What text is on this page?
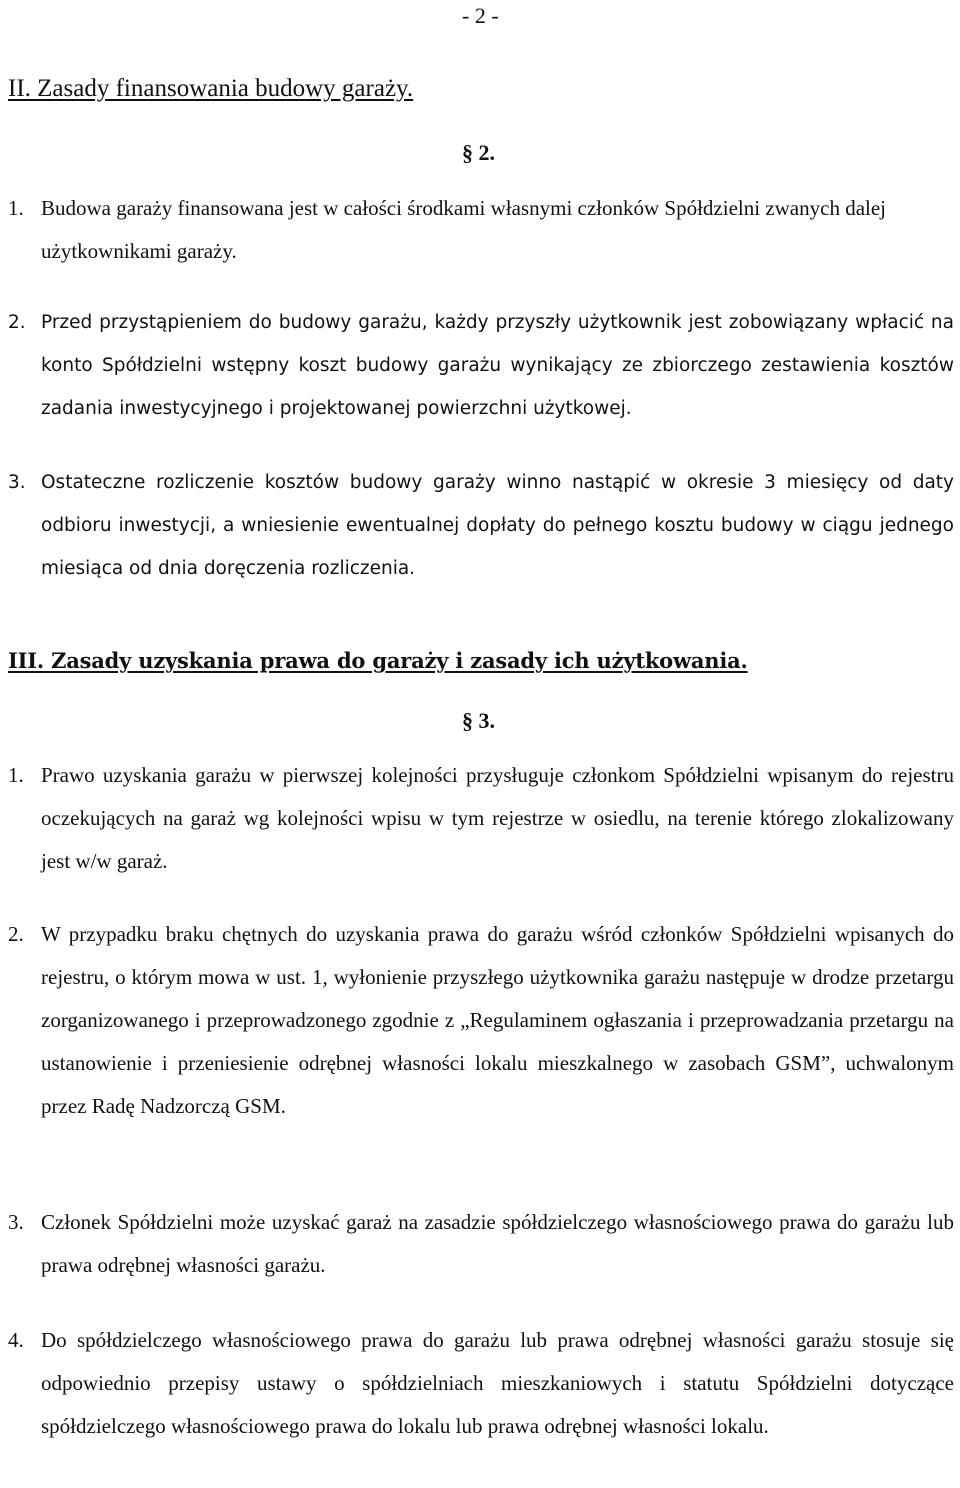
- 2 -
II. Zasady finansowania budowy garaży.
§ 2.
1. Budowa garaży finansowana jest w całości środkami własnymi członków Spółdzielni zwanych dalej użytkownikami garaży.
2. Przed przystąpieniem do budowy garażu, każdy przyszły użytkownik jest zobowiązany wpłacić na konto Spółdzielni wstępny koszt budowy garażu wynikający ze zbiorczego zestawienia kosztów zadania inwestycyjnego i projektowanej powierzchni użytkowej.
3. Ostateczne rozliczenie kosztów budowy garaży winno nastąpić w okresie 3 miesięcy od daty odbioru inwestycji, a wniesienie ewentualnej dopłaty do pełnego kosztu budowy w ciągu jednego miesiąca od dnia doręczenia rozliczenia.
III. Zasady uzyskania prawa do garaży i zasady ich użytkowania.
§ 3.
1. Prawo uzyskania garażu w pierwszej kolejności przysługuje członkom Spółdzielni wpisanym do rejestru oczekujących na garaż wg kolejności wpisu w tym rejestrze w osiedlu, na terenie którego zlokalizowany jest w/w garaż.
2. W przypadku braku chętnych do uzyskania prawa do garażu wśród członków Spółdzielni wpisanych do rejestru, o którym mowa w ust. 1, wyłonienie przyszłego użytkownika garażu następuje w drodze przetargu zorganizowanego i przeprowadzonego zgodnie z „Regulaminem ogłaszania i przeprowadzania przetargu na ustanowienie i przeniesienie odrębnej własności lokalu mieszkalnego w zasobach GSM”, uchwalonym przez Radę Nadzorczą GSM.
3. Członek Spółdzielni może uzyskać garaż na zasadzie spółdzielczego własnościowego prawa do garażu lub prawa odrębnej własności garażu.
4. Do spółdzielczego własnościowego prawa do garażu lub prawa odrębnej własności garażu stosuje się odpowiednio przepisy ustawy o spółdzielniach mieszkaniowych i statutu Spółdzielni dotyczące spółdzielczego własnościowego prawa do lokalu lub prawa odrębnej własności lokalu.
